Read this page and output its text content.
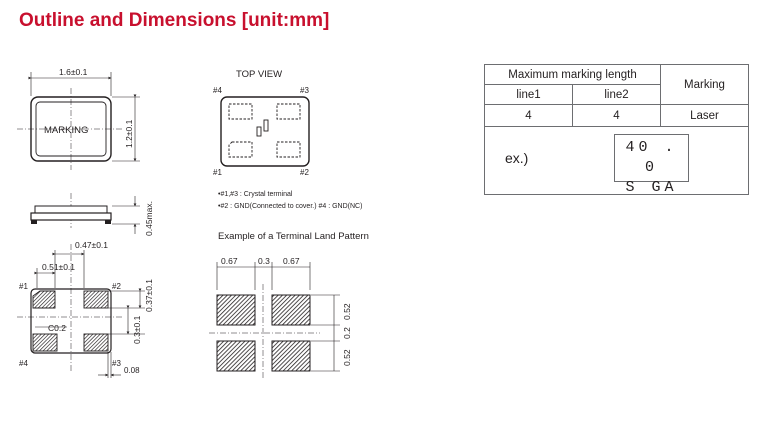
Outline and Dimensions [unit:mm]
1.6±0.1
MARKING	1.2±0.1
0.45max.
0.47±0.1
0.51±0.1
0.37±0.1
0.3±0.1
C0.2
0.08
#1	#2
#3
#4
TOP VIEW
#4	#3
#1	#2
•#1,#3 : Crystal terminal
•#2 : GND(Connected to cover.) #4 : GND(NC)
Example of a Terminal Land Pattern
0.67 0.3 0.67
0.52
0.2
0.52
Maximum marking length		Marking
line1	line2	
4	4	Laser

ex.)
40 . 0
S GA
